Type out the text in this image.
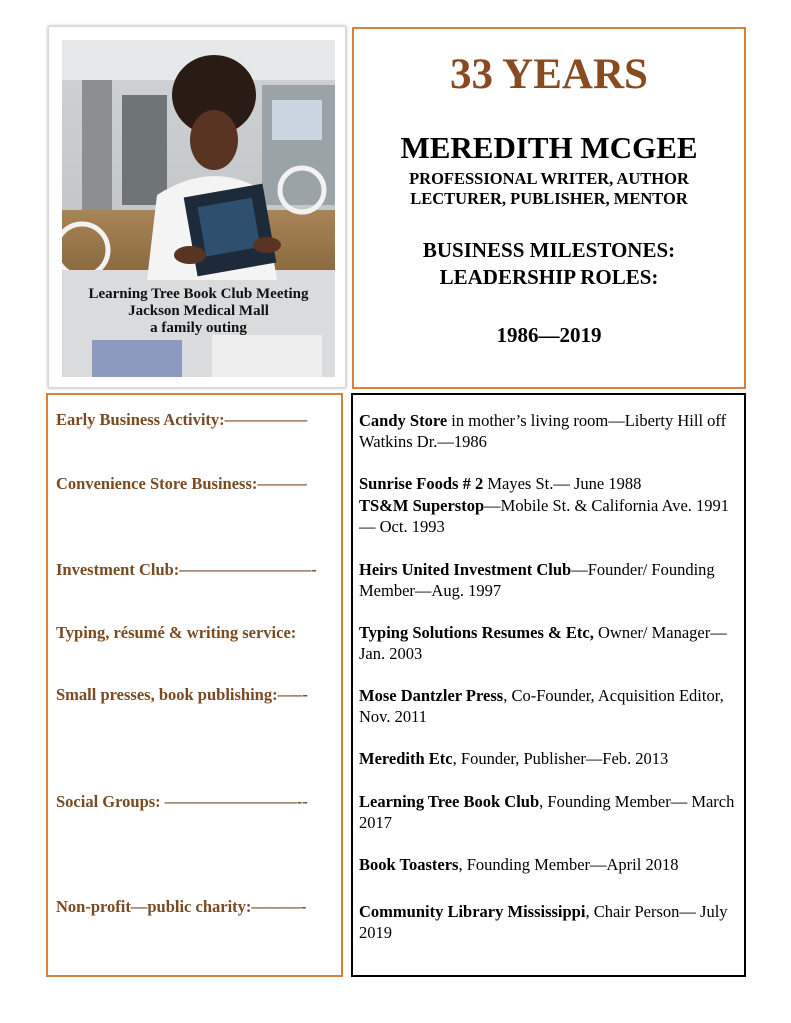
Learning Tree Book Club Meeting
Jackson Medical Mall
a family outing
33 YEARS
MEREDITH MCGEE
PROFESSIONAL WRITER, AUTHOR
LECTURER, PUBLISHER, MENTOR
BUSINESS MILESTONES:
LEADERSHIP ROLES:
1986—2019
Early Business Activity:—————
Convenience Store Business:———
Investment Club:————————-
Typing, résumé & writing service:
Small presses, book publishing:—–-
Social Groups: ————————--
Non-profit—public charity:———-
Candy Store in mother’s living room—Liberty Hill off Watkins Dr.—1986
Sunrise Foods # 2 Mayes St.— June 1988
TS&M Superstop—Mobile St. & California Ave. 1991— Oct. 1993
Heirs United Investment Club—Founder/ Founding Member—Aug. 1997
Typing Solutions Resumes & Etc, Owner/ Manager—Jan. 2003
Mose Dantzler Press, Co-Founder, Acquisition Editor, Nov. 2011
Meredith Etc, Founder, Publisher—Feb. 2013
Learning Tree Book Club, Founding Member— March 2017
Book Toasters, Founding Member—April 2018
Community Library Mississippi, Chair Person— July 2019
